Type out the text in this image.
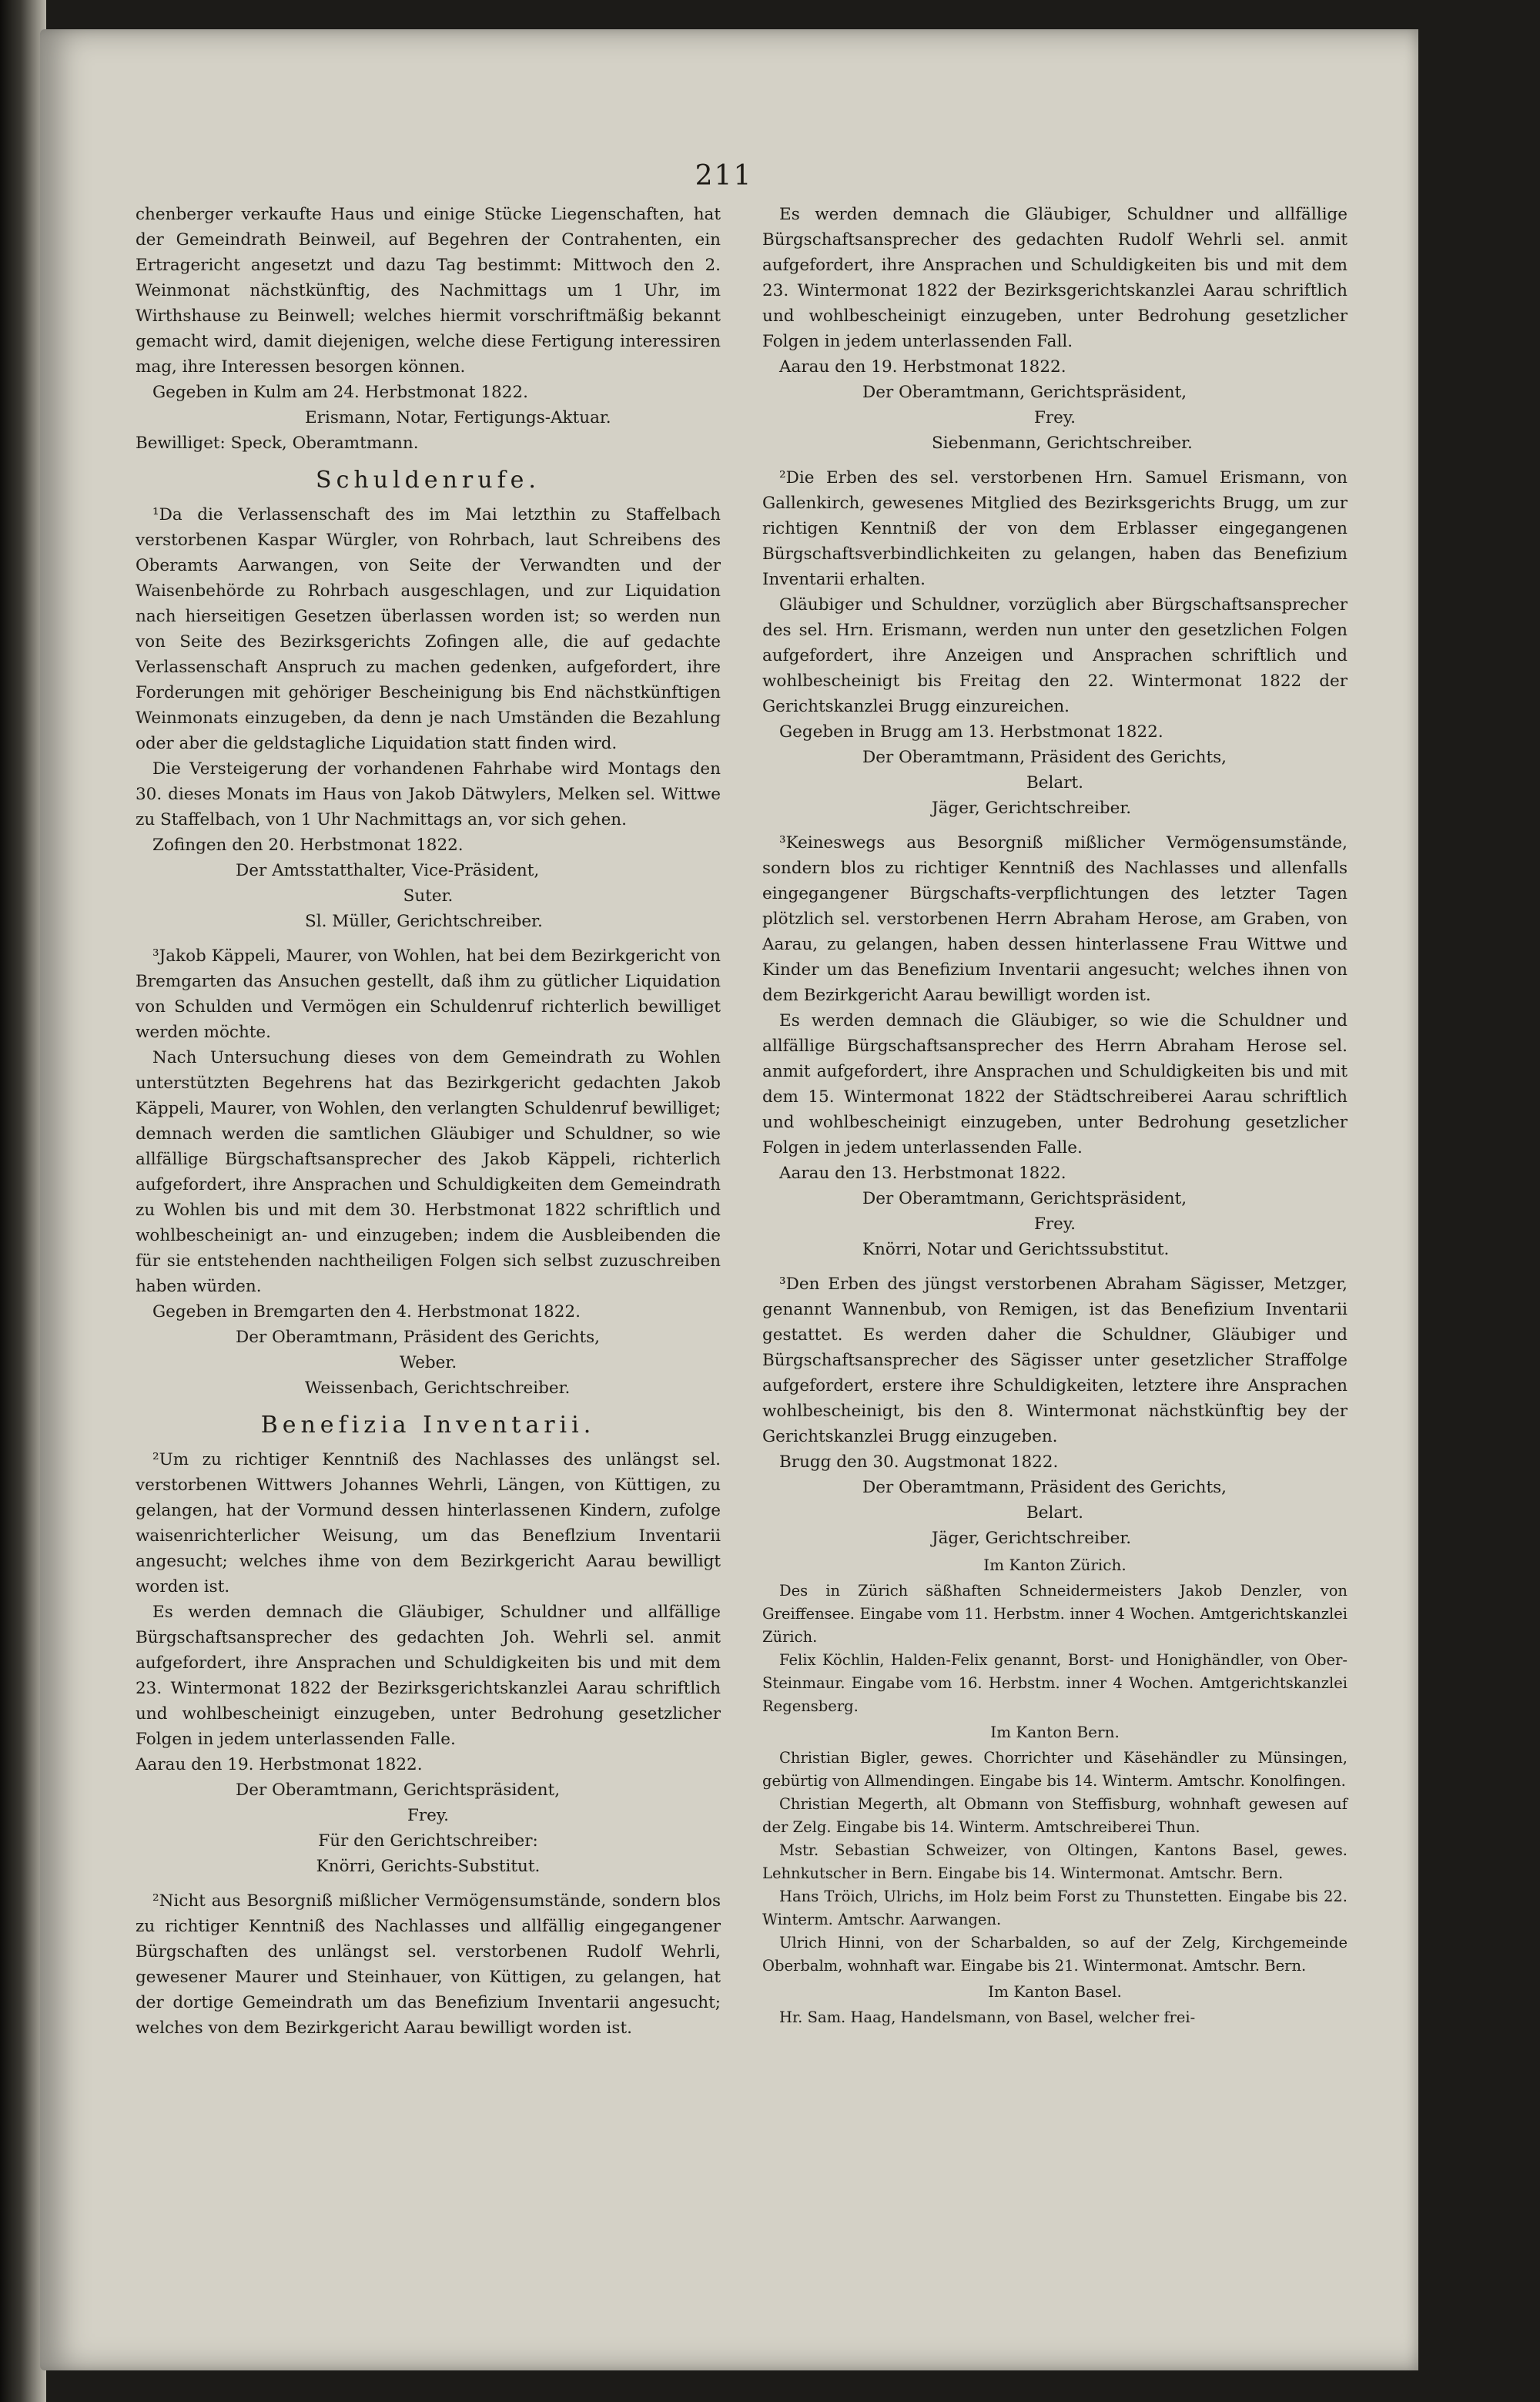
211

chenberger verkaufte Haus und einige Stücke Liegenschaften, hat der Gemeindrath Beinweil, auf Begehren der Contrahenten, ein Ertragericht angesetzt und dazu Tag bestimmt: Mittwoch den 2. Weinmonat nächstkünftig, des Nachmittags um 1 Uhr, im Wirthshause zu Beinwell; welches hiermit vorschriftmäßig bekannt gemacht wird, damit diejenigen, welche diese Fertigung interessiren mag, ihre Interessen besorgen können.

Gegeben in Kulm am 24. Herbstmonat 1822.

Erismann, Notar, Fertigungs-Aktuar.

Bewilliget: Speck, Oberamtmann.

Schuldenrufe.

¹Da die Verlassenschaft des im Mai letzthin zu Staffelbach verstorbenen Kaspar Würgler, von Rohrbach, laut Schreibens des Oberamts Aarwangen, von Seite der Verwandten und der Waisenbehörde zu Rohrbach ausgeschlagen, und zur Liquidation nach hierseitigen Gesetzen überlassen worden ist; so werden nun von Seite des Bezirksgerichts Zofingen alle, die auf gedachte Verlassenschaft Anspruch zu machen gedenken, aufgefordert, ihre Forderungen mit gehöriger Bescheinigung bis End nächstkünftigen Weinmonats einzugeben, da denn je nach Umständen die Bezahlung oder aber die geldstagliche Liquidation statt finden wird.

Die Versteigerung der vorhandenen Fahrhabe wird Montags den 30. dieses Monats im Haus von Jakob Dätwylers, Melken sel. Wittwe zu Staffelbach, von 1 Uhr Nachmittags an, vor sich gehen.

Zofingen den 20. Herbstmonat 1822.

Der Amtsstatthalter, Vice-Präsident,

Suter.

Sl. Müller, Gerichtschreiber.

³Jakob Käppeli, Maurer, von Wohlen, hat bei dem Bezirkgericht von Bremgarten das Ansuchen gestellt, daß ihm zu gütlicher Liquidation von Schulden und Vermögen ein Schuldenruf richterlich bewilliget werden möchte.

Nach Untersuchung dieses von dem Gemeindrath zu Wohlen unterstützten Begehrens hat das Bezirkgericht gedachten Jakob Käppeli, Maurer, von Wohlen, den verlangten Schuldenruf bewilliget; demnach werden die samtlichen Gläubiger und Schuldner, so wie allfällige Bürgschaftsansprecher des Jakob Käppeli, richterlich aufgefordert, ihre Ansprachen und Schuldigkeiten dem Gemeindrath zu Wohlen bis und mit dem 30. Herbstmonat 1822 schriftlich und wohlbescheinigt an- und einzugeben; indem die Ausbleibenden die für sie entstehenden nachtheiligen Folgen sich selbst zuzuschreiben haben würden.

Gegeben in Bremgarten den 4. Herbstmonat 1822.

Der Oberamtmann, Präsident des Gerichts,

Weber.

Weissenbach, Gerichtschreiber.

Benefizia Inventarii.

²Um zu richtiger Kenntniß des Nachlasses des unlängst sel. verstorbenen Wittwers Johannes Wehrli, Längen, von Küttigen, zu gelangen, hat der Vormund dessen hinterlassenen Kindern, zufolge waisenrichterlicher Weisung, um das Beneflzium Inventarii angesucht; welches ihme von dem Bezirkgericht Aarau bewilligt worden ist.

Es werden demnach die Gläubiger, Schuldner und allfällige Bürgschaftsansprecher des gedachten Joh. Wehrli sel. anmit aufgefordert, ihre Ansprachen und Schuldigkeiten bis und mit dem 23. Wintermonat 1822 der Bezirksgerichtskanzlei Aarau schriftlich und wohlbescheinigt einzugeben, unter Bedrohung gesetzlicher Folgen in jedem unterlassenden Falle.

Aarau den 19. Herbstmonat 1822.

Der Oberamtmann, Gerichtspräsident,

Frey.

Für den Gerichtschreiber:

Knörri, Gerichts-Substitut.

²Nicht aus Besorgniß mißlicher Vermögensumstände, sondern blos zu richtiger Kenntniß des Nachlasses und allfällig eingegangener Bürgschaften des unlängst sel. verstorbenen Rudolf Wehrli, gewesener Maurer und Steinhauer, von Küttigen, zu gelangen, hat der dortige Gemeindrath um das Benefizium Inventarii angesucht; welches von dem Bezirkgericht Aarau bewilligt worden ist.

Es werden demnach die Gläubiger, Schuldner und allfällige Bürgschaftsansprecher des gedachten Rudolf Wehrli sel. anmit aufgefordert, ihre Ansprachen und Schuldigkeiten bis und mit dem 23. Wintermonat 1822 der Bezirksgerichtskanzlei Aarau schriftlich und wohlbescheinigt einzugeben, unter Bedrohung gesetzlicher Folgen in jedem unterlassenden Fall.

Aarau den 19. Herbstmonat 1822.

Der Oberamtmann, Gerichtspräsident,

Frey.

Siebenmann, Gerichtschreiber.

²Die Erben des sel. verstorbenen Hrn. Samuel Erismann, von Gallenkirch, gewesenes Mitglied des Bezirksgerichts Brugg, um zur richtigen Kenntniß der von dem Erblasser eingegangenen Bürgschaftsverbindlichkeiten zu gelangen, haben das Benefizium Inventarii erhalten.

Gläubiger und Schuldner, vorzüglich aber Bürgschaftsansprecher des sel. Hrn. Erismann, werden nun unter den gesetzlichen Folgen aufgefordert, ihre Anzeigen und Ansprachen schriftlich und wohlbescheinigt bis Freitag den 22. Wintermonat 1822 der Gerichtskanzlei Brugg einzureichen.

Gegeben in Brugg am 13. Herbstmonat 1822.

Der Oberamtmann, Präsident des Gerichts,

Belart.

Jäger, Gerichtschreiber.

³Keineswegs aus Besorgniß mißlicher Vermögensumstände, sondern blos zu richtiger Kenntniß des Nachlasses und allenfalls eingegangener Bürgschafts-verpflichtungen des letzter Tagen plötzlich sel. verstorbenen Herrn Abraham Herose, am Graben, von Aarau, zu gelangen, haben dessen hinterlassene Frau Wittwe und Kinder um das Benefizium Inventarii angesucht; welches ihnen von dem Bezirkgericht Aarau bewilligt worden ist.

Es werden demnach die Gläubiger, so wie die Schuldner und allfällige Bürgschaftsansprecher des Herrn Abraham Herose sel. anmit aufgefordert, ihre Ansprachen und Schuldigkeiten bis und mit dem 15. Wintermonat 1822 der Städtschreiberei Aarau schriftlich und wohlbescheinigt einzugeben, unter Bedrohung gesetzlicher Folgen in jedem unterlassenden Falle.

Aarau den 13. Herbstmonat 1822.

Der Oberamtmann, Gerichtspräsident,

Frey.

Knörri, Notar und Gerichtssubstitut.

³Den Erben des jüngst verstorbenen Abraham Sägisser, Metzger, genannt Wannenbub, von Remigen, ist das Benefizium Inventarii gestattet. Es werden daher die Schuldner, Gläubiger und Bürgschaftsansprecher des Sägisser unter gesetzlicher Straffolge aufgefordert, erstere ihre Schuldigkeiten, letztere ihre Ansprachen wohlbescheinigt, bis den 8. Wintermonat nächstkünftig bey der Gerichtskanzlei Brugg einzugeben.

Brugg den 30. Augstmonat 1822.

Der Oberamtmann, Präsident des Gerichts,

Belart.

Jäger, Gerichtschreiber.

Im Kanton Zürich.

Des in Zürich säßhaften Schneidermeisters Jakob Denzler, von Greiffensee. Eingabe vom 11. Herbstm. inner 4 Wochen. Amtgerichtskanzlei Zürich.

Felix Köchlin, Halden-Felix genannt, Borst- und Honighändler, von Ober-Steinmaur. Eingabe vom 16. Herbstm. inner 4 Wochen. Amtgerichtskanzlei Regensberg.

Im Kanton Bern.

Christian Bigler, gewes. Chorrichter und Käsehändler zu Münsingen, gebürtig von Allmendingen. Eingabe bis 14. Winterm. Amtschr. Konolfingen.

Christian Megerth, alt Obmann von Steffisburg, wohnhaft gewesen auf der Zelg. Eingabe bis 14. Winterm. Amtschreiberei Thun.

Mstr. Sebastian Schweizer, von Oltingen, Kantons Basel, gewes. Lehnkutscher in Bern. Eingabe bis 14. Wintermonat. Amtschr. Bern.

Hans Tröich, Ulrichs, im Holz beim Forst zu Thunstetten. Eingabe bis 22. Winterm. Amtschr. Aarwangen.

Ulrich Hinni, von der Scharbalden, so auf der Zelg, Kirchgemeinde Oberbalm, wohnhaft war. Eingabe bis 21. Wintermonat. Amtschr. Bern.

Im Kanton Basel.

Hr. Sam. Haag, Handelsmann, von Basel, welcher frei-
